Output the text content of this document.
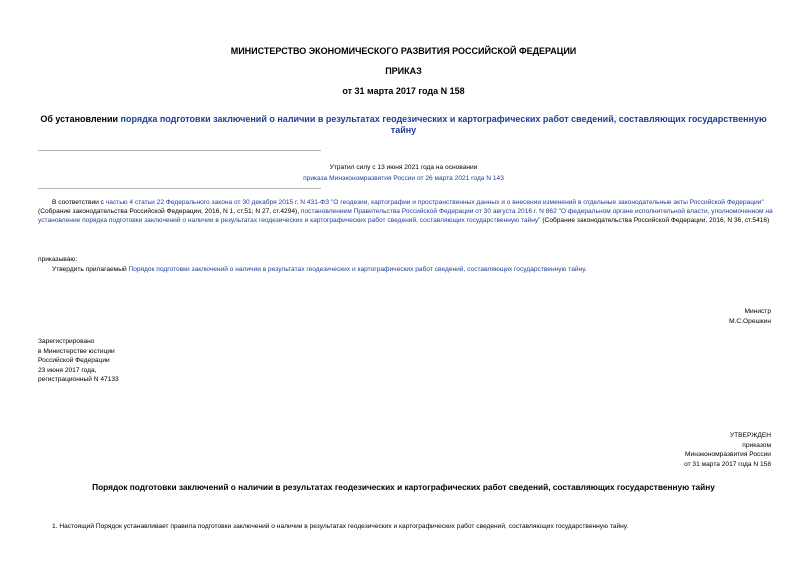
МИНИСТЕРСТВО ЭКОНОМИЧЕСКОГО РАЗВИТИЯ РОССИЙСКОЙ ФЕДЕРАЦИИ
ПРИКАЗ
от 31 марта 2017 года N 158
Об установлении порядка подготовки заключений о наличии в результатах геодезических и картографических работ сведений, составляющих государственную тайну
Утратил силу с 13 июня 2021 года на основании
приказа Минэкономразвития России от 26 марта 2021 года N 143
В соответствии с частью 4 статьи 22 Федерального закона от 30 декабря 2015 г. N 431-ФЗ "О геодезии, картографии и пространственных данных и о внесении изменений в отдельные законодательные акты Российской Федерации" (Собрание законодательства Российской Федерации, 2016, N 1, ст.51; N 27, ст.4294), постановлением Правительства Российской Федерации от 30 августа 2016 г. N 862 "О федеральном органе исполнительной власти, уполномоченном на установление порядка подготовки заключений о наличии в результатах геодезических и картографических работ сведений, составляющих государственную тайну" (Собрание законодательства Российской Федерации, 2016, N 36, ст.5416)
приказываю:
Утвердить прилагаемый Порядок подготовки заключений о наличии в результатах геодезических и картографических работ сведений, составляющих государственную тайну.
Министр
М.С.Орешкин
Зарегистрировано
в Министерстве юстиции
Российской Федерации
23 июня 2017 года,
регистрационный N 47133
УТВЕРЖДЕН
приказом
Минэкономразвития России
от 31 марта 2017 года N 158
Порядок подготовки заключений о наличии в результатах геодезических и картографических работ сведений, составляющих государственную тайну
1. Настоящий Порядок устанавливает правила подготовки заключений о наличии в результатах геодезических и картографических работ сведений, составляющих государственную тайну.
